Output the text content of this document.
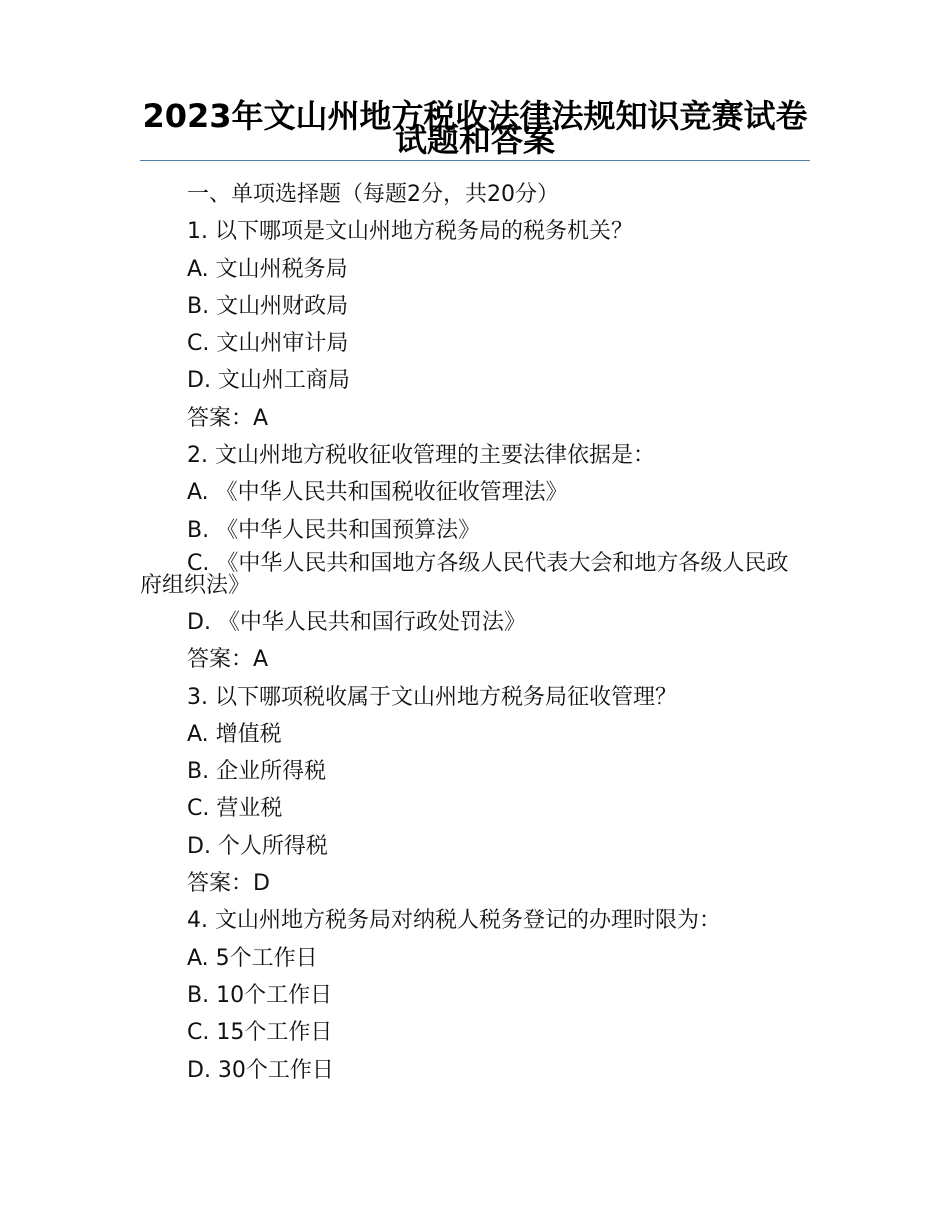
2023年文山州地方税收法律法规知识竞赛试卷试题和答案
一、单项选择题（每题2分，共20分）
1. 以下哪项是文山州地方税务局的税务机关？
A. 文山州税务局
B. 文山州财政局
C. 文山州审计局
D. 文山州工商局
答案：A
2. 文山州地方税收征收管理的主要法律依据是：
A. 《中华人民共和国税收征收管理法》
B. 《中华人民共和国预算法》
C. 《中华人民共和国地方各级人民代表大会和地方各级人民政府组织法》
D. 《中华人民共和国行政处罚法》
答案：A
3. 以下哪项税收属于文山州地方税务局征收管理？
A. 增值税
B. 企业所得税
C. 营业税
D. 个人所得税
答案：D
4. 文山州地方税务局对纳税人税务登记的办理时限为：
A. 5个工作日
B. 10个工作日
C. 15个工作日
D. 30个工作日
